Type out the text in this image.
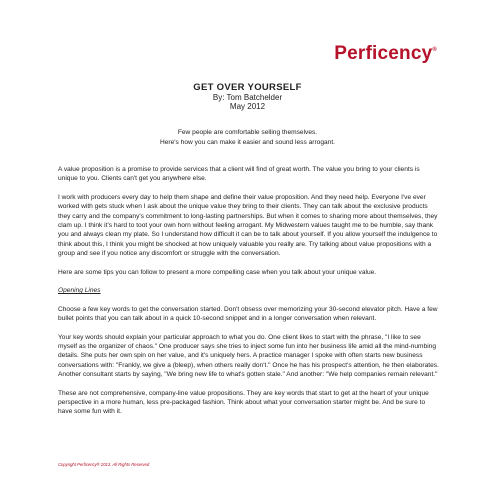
Perficency®
GET OVER YOURSELF
By: Tom Batchelder
May 2012
Few people are comfortable selling themselves.
Here's how you can make it easier and sound less arrogant.

A value proposition is a promise to provide services that a client will find of great worth. The value you bring to your clients is unique to you. Clients can't get you anywhere else.

I work with producers every day to help them shape and define their value proposition. And they need help. Everyone I've ever worked with gets stuck when I ask about the unique value they bring to their clients. They can talk about the exclusive products they carry and the company's commitment to long-lasting partnerships. But when it comes to sharing more about themselves, they clam up. I think it's hard to toot your own horn without feeling arrogant. My Midwestern values taught me to be humble, say thank you and always clean my plate. So I understand how difficult it can be to talk about yourself. If you allow yourself the indulgence to think about this, I think you might be shocked at how uniquely valuable you really are. Try talking about value propositions with a group and see if you notice any discomfort or struggle with the conversation.

Here are some tips you can follow to present a more compelling case when you talk about your unique value.

Opening Lines

Choose a few key words to get the conversation started. Don't obsess over memorizing your 30-second elevator pitch. Have a few bullet points that you can talk about in a quick 10-second snippet and in a longer conversation when relevant.

Your key words should explain your particular approach to what you do. One client likes to start with the phrase, "I like to see myself as the organizer of chaos." One producer says she tries to inject some fun into her business life amid all the mind-numbing details. She puts her own spin on her value, and it's uniquely hers. A practice manager I spoke with often starts new business conversations with: "Frankly, we give a (bleep), when others really don't." Once he has his prospect's attention, he then elaborates. Another consultant starts by saying, "We bring new life to what's gotten stale." And another: "We help companies remain relevant."

These are not comprehensive, company-line value propositions. They are key words that start to get at the heart of your unique perspective in a more human, less pre-packaged fashion. Think about what your conversation starter might be. And be sure to have some fun with it.

Copyright Perficency® 2013. All Rights Reserved
